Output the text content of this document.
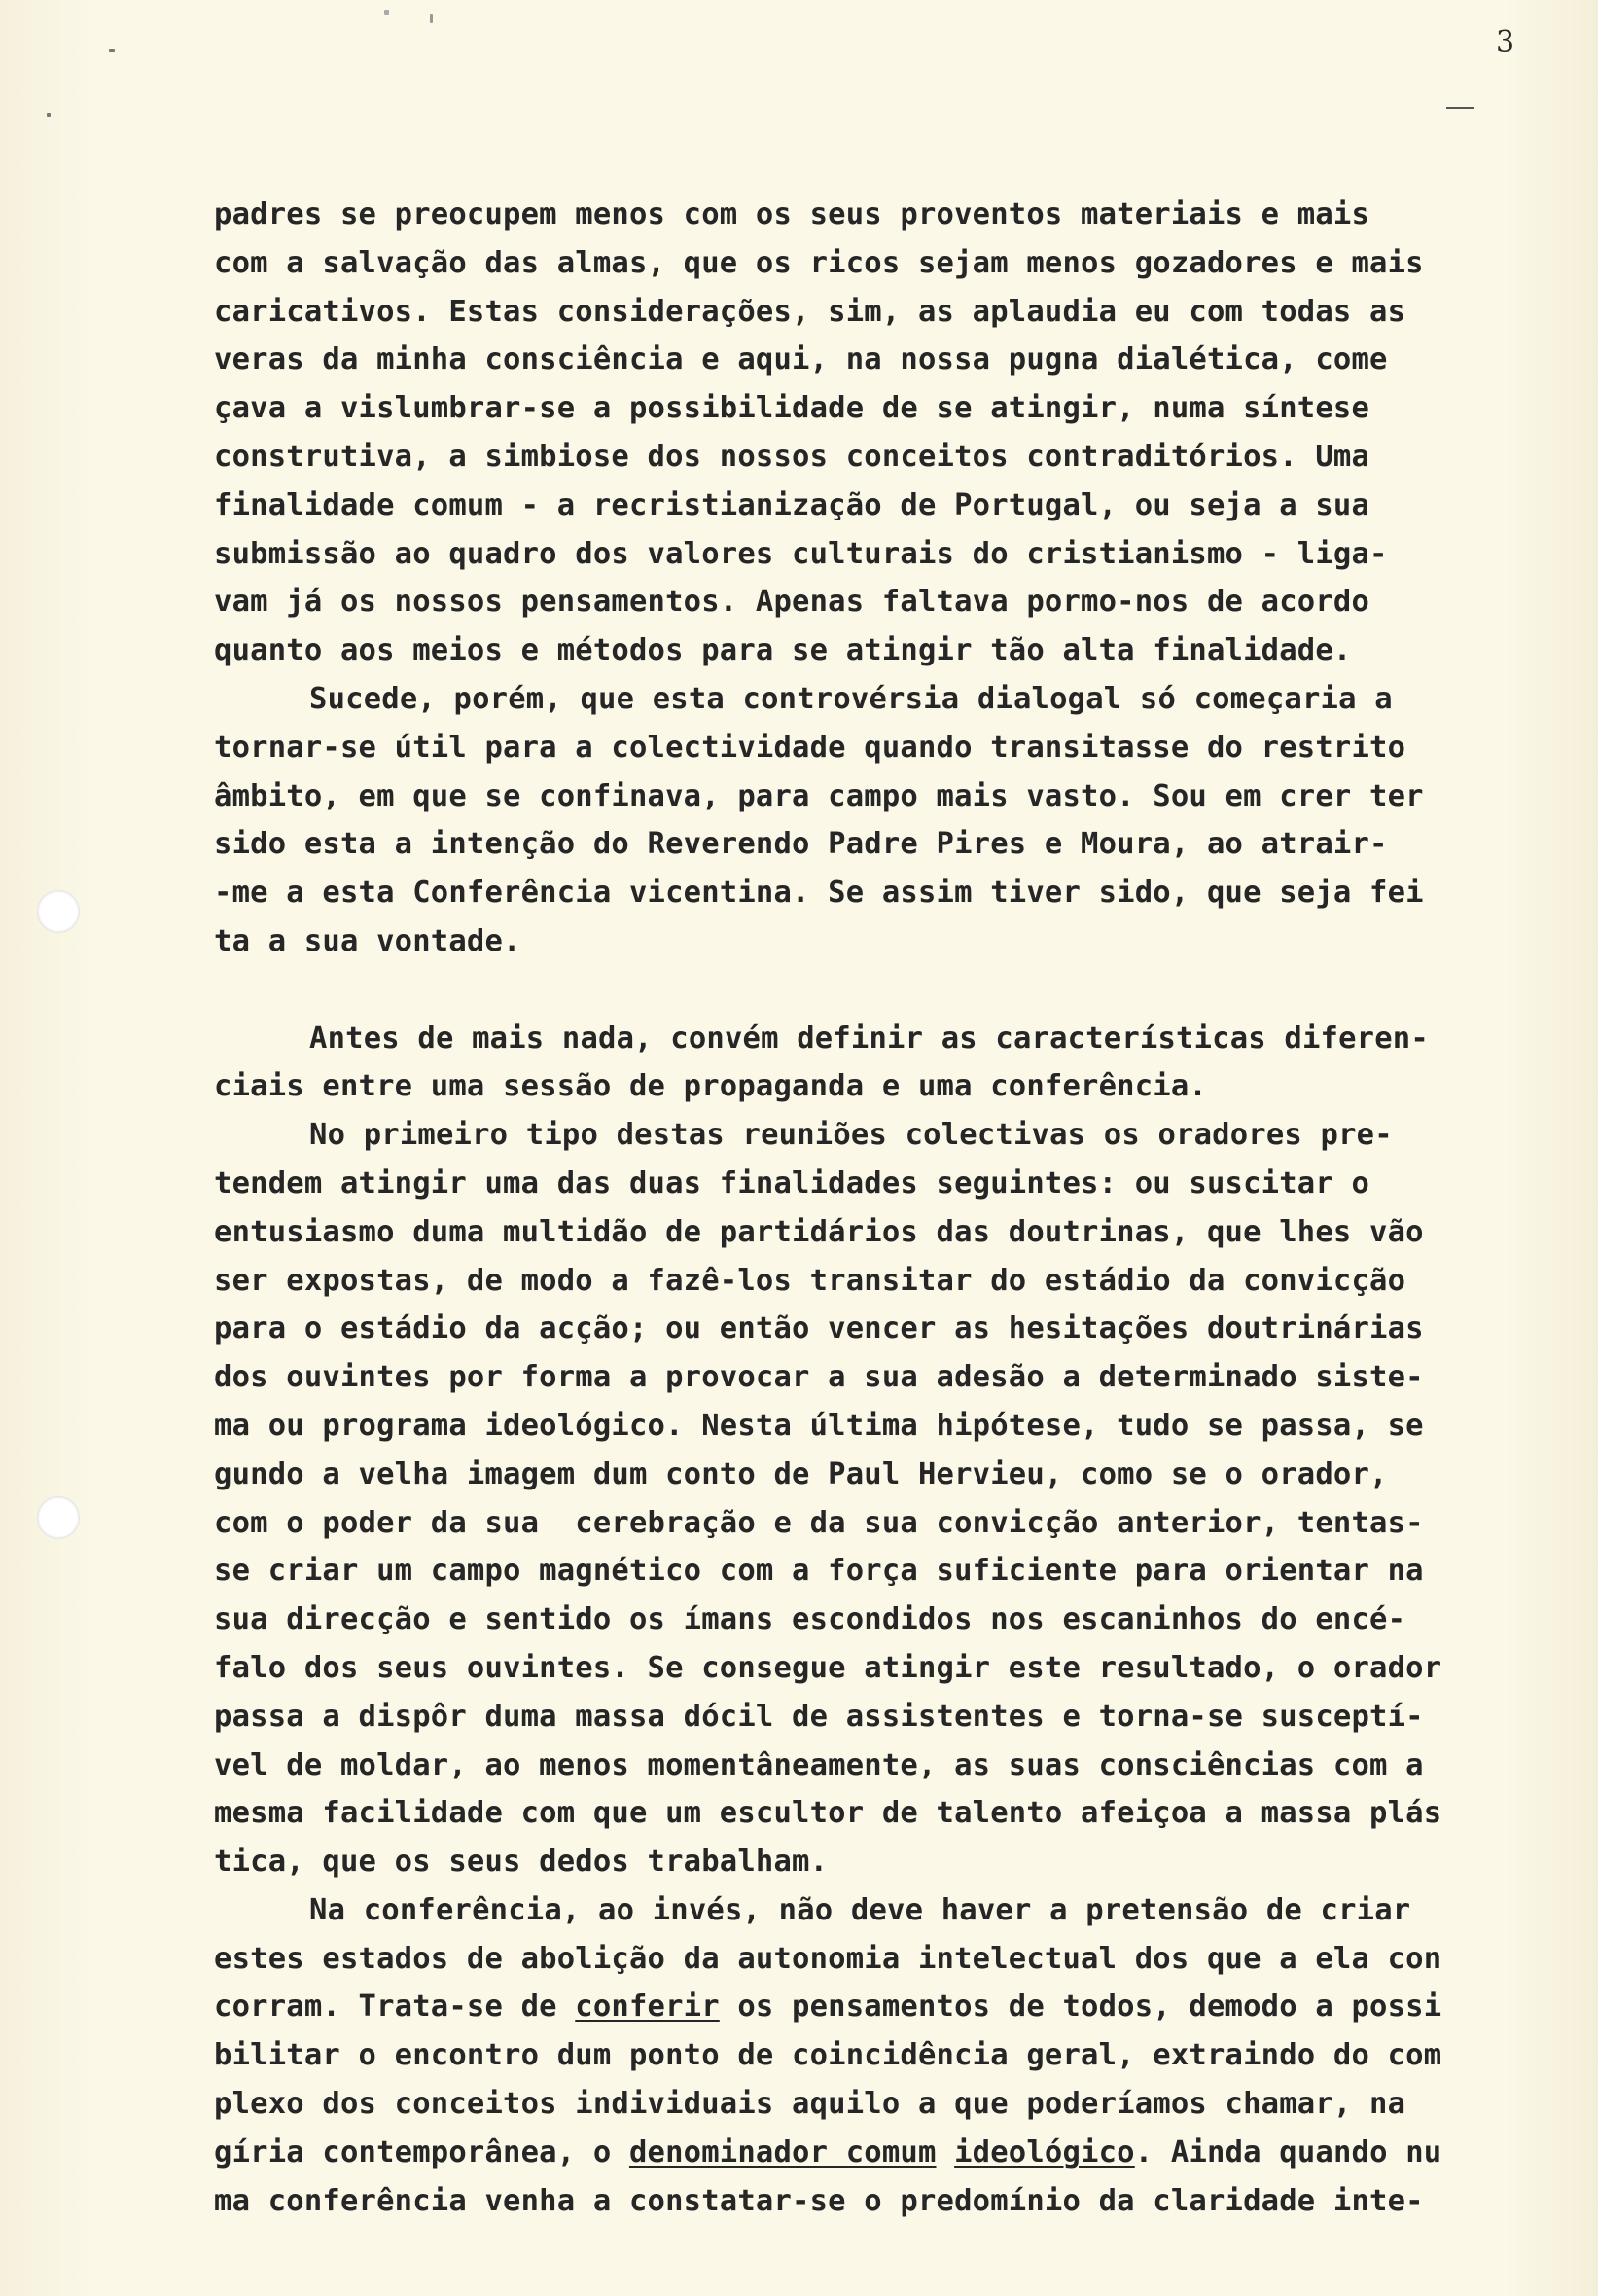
3
padres se preocupem menos com os seus proventos materiais e mais
com a salvação das almas, que os ricos sejam menos gozadores e mais
caricativos. Estas considerações, sim, as aplaudia eu com todas as
veras da minha consciência e aqui, na nossa pugna dialética, come
çava a vislumbrar-se a possibilidade de se atingir, numa síntese
construtiva, a simbiose dos nossos conceitos contraditórios. Uma
finalidade comum - a recristianização de Portugal, ou seja a sua
submissão ao quadro dos valores culturais do cristianismo - liga-
vam já os nossos pensamentos. Apenas faltava pormo-nos de acordo
quanto aos meios e métodos para se atingir tão alta finalidade.
Sucede, porém, que esta controvérsia dialogal só começaria a
tornar-se útil para a colectividade quando transitasse do restrito
âmbito, em que se confinava, para campo mais vasto. Sou em crer ter
sido esta a intenção do Reverendo Padre Pires e Moura, ao atrair-
-me a esta Conferência vicentina. Se assim tiver sido, que seja fei
ta a sua vontade.
Antes de mais nada, convém definir as características diferen-
ciais entre uma sessão de propaganda e uma conferência.
No primeiro tipo destas reuniões colectivas os oradores pre-
tendem atingir uma das duas finalidades seguintes: ou suscitar o
entusiasmo duma multidão de partidários das doutrinas, que lhes vão
ser expostas, de modo a fazê-los transitar do estádio da convicção
para o estádio da acção; ou então vencer as hesitações doutrinárias
dos ouvintes por forma a provocar a sua adesão a determinado siste-
ma ou programa ideológico. Nesta última hipótese, tudo se passa, se
gundo a velha imagem dum conto de Paul Hervieu, como se o orador,
com o poder da sua  cerebração e da sua convicção anterior, tentas-
se criar um campo magnético com a força suficiente para orientar na
sua direcção e sentido os ímans escondidos nos escaninhos do encé-
falo dos seus ouvintes. Se consegue atingir este resultado, o orador
passa a dispôr duma massa dócil de assistentes e torna-se susceptí-
vel de moldar, ao menos momentâneamente, as suas consciências com a
mesma facilidade com que um escultor de talento afeiçoa a massa plás
tica, que os seus dedos trabalham.
Na conferência, ao invés, não deve haver a pretensão de criar
estes estados de abolição da autonomia intelectual dos que a ela con
corram. Trata-se de conferir os pensamentos de todos, demodo a possi
bilitar o encontro dum ponto de coincidência geral, extraindo do com
plexo dos conceitos individuais aquilo a que poderíamos chamar, na
gíria contemporânea, o denominador comum ideológico. Ainda quando nu
ma conferência venha a constatar-se o predomínio da claridade inte-
